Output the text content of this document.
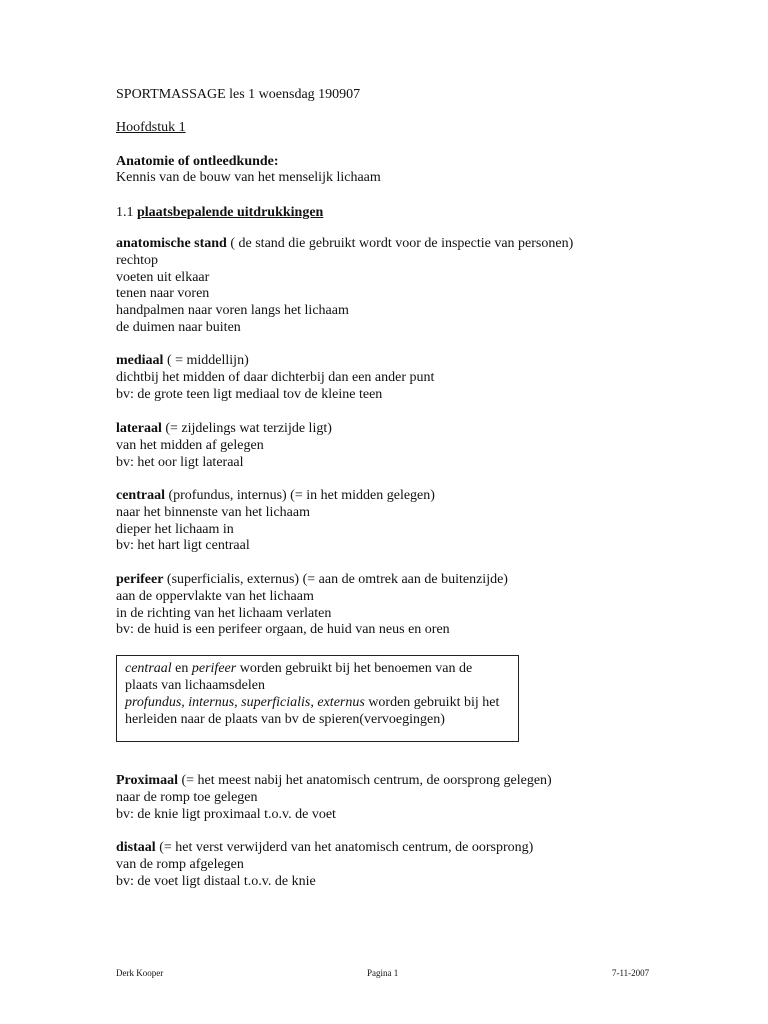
SPORTMASSAGE les 1 woensdag 190907
Hoofdstuk 1
Anatomie of ontleedkunde:
Kennis van de bouw van het menselijk lichaam
1.1 plaatsbepalende uitdrukkingen
anatomische stand ( de stand die gebruikt wordt voor de inspectie van personen)
rechtop
voeten uit elkaar
tenen naar voren
handpalmen naar voren langs het lichaam
de duimen naar buiten
mediaal ( = middellijn)
dichtbij het midden of daar dichterbij dan een ander punt
bv: de grote teen ligt mediaal tov de kleine teen
lateraal (= zijdelings wat terzijde ligt)
van het midden af gelegen
bv: het oor ligt lateraal
centraal (profundus, internus) (= in het midden gelegen)
naar het binnenste van het lichaam
dieper het lichaam in
bv: het hart ligt centraal
perifeer (superficialis, externus) (= aan de omtrek aan de buitenzijde)
aan de oppervlakte van het lichaam
in de richting van het lichaam verlaten
bv: de huid is een perifeer orgaan, de huid van neus en oren
centraal en perifeer worden gebruikt bij het benoemen van de
plaats van lichaamsdelen
profundus, internus, superficialis, externus worden gebruikt bij het
herleiden naar de plaats van bv de spieren(vervoegingen)
Proximaal (= het meest nabij het anatomisch centrum, de oorsprong gelegen)
naar de romp toe gelegen
bv: de knie ligt proximaal t.o.v. de voet
distaal (= het verst verwijderd van het anatomisch centrum, de oorsprong)
van de romp afgelegen
bv: de voet ligt distaal t.o.v. de knie
Derk Kooper	Pagina 1	7-11-2007
